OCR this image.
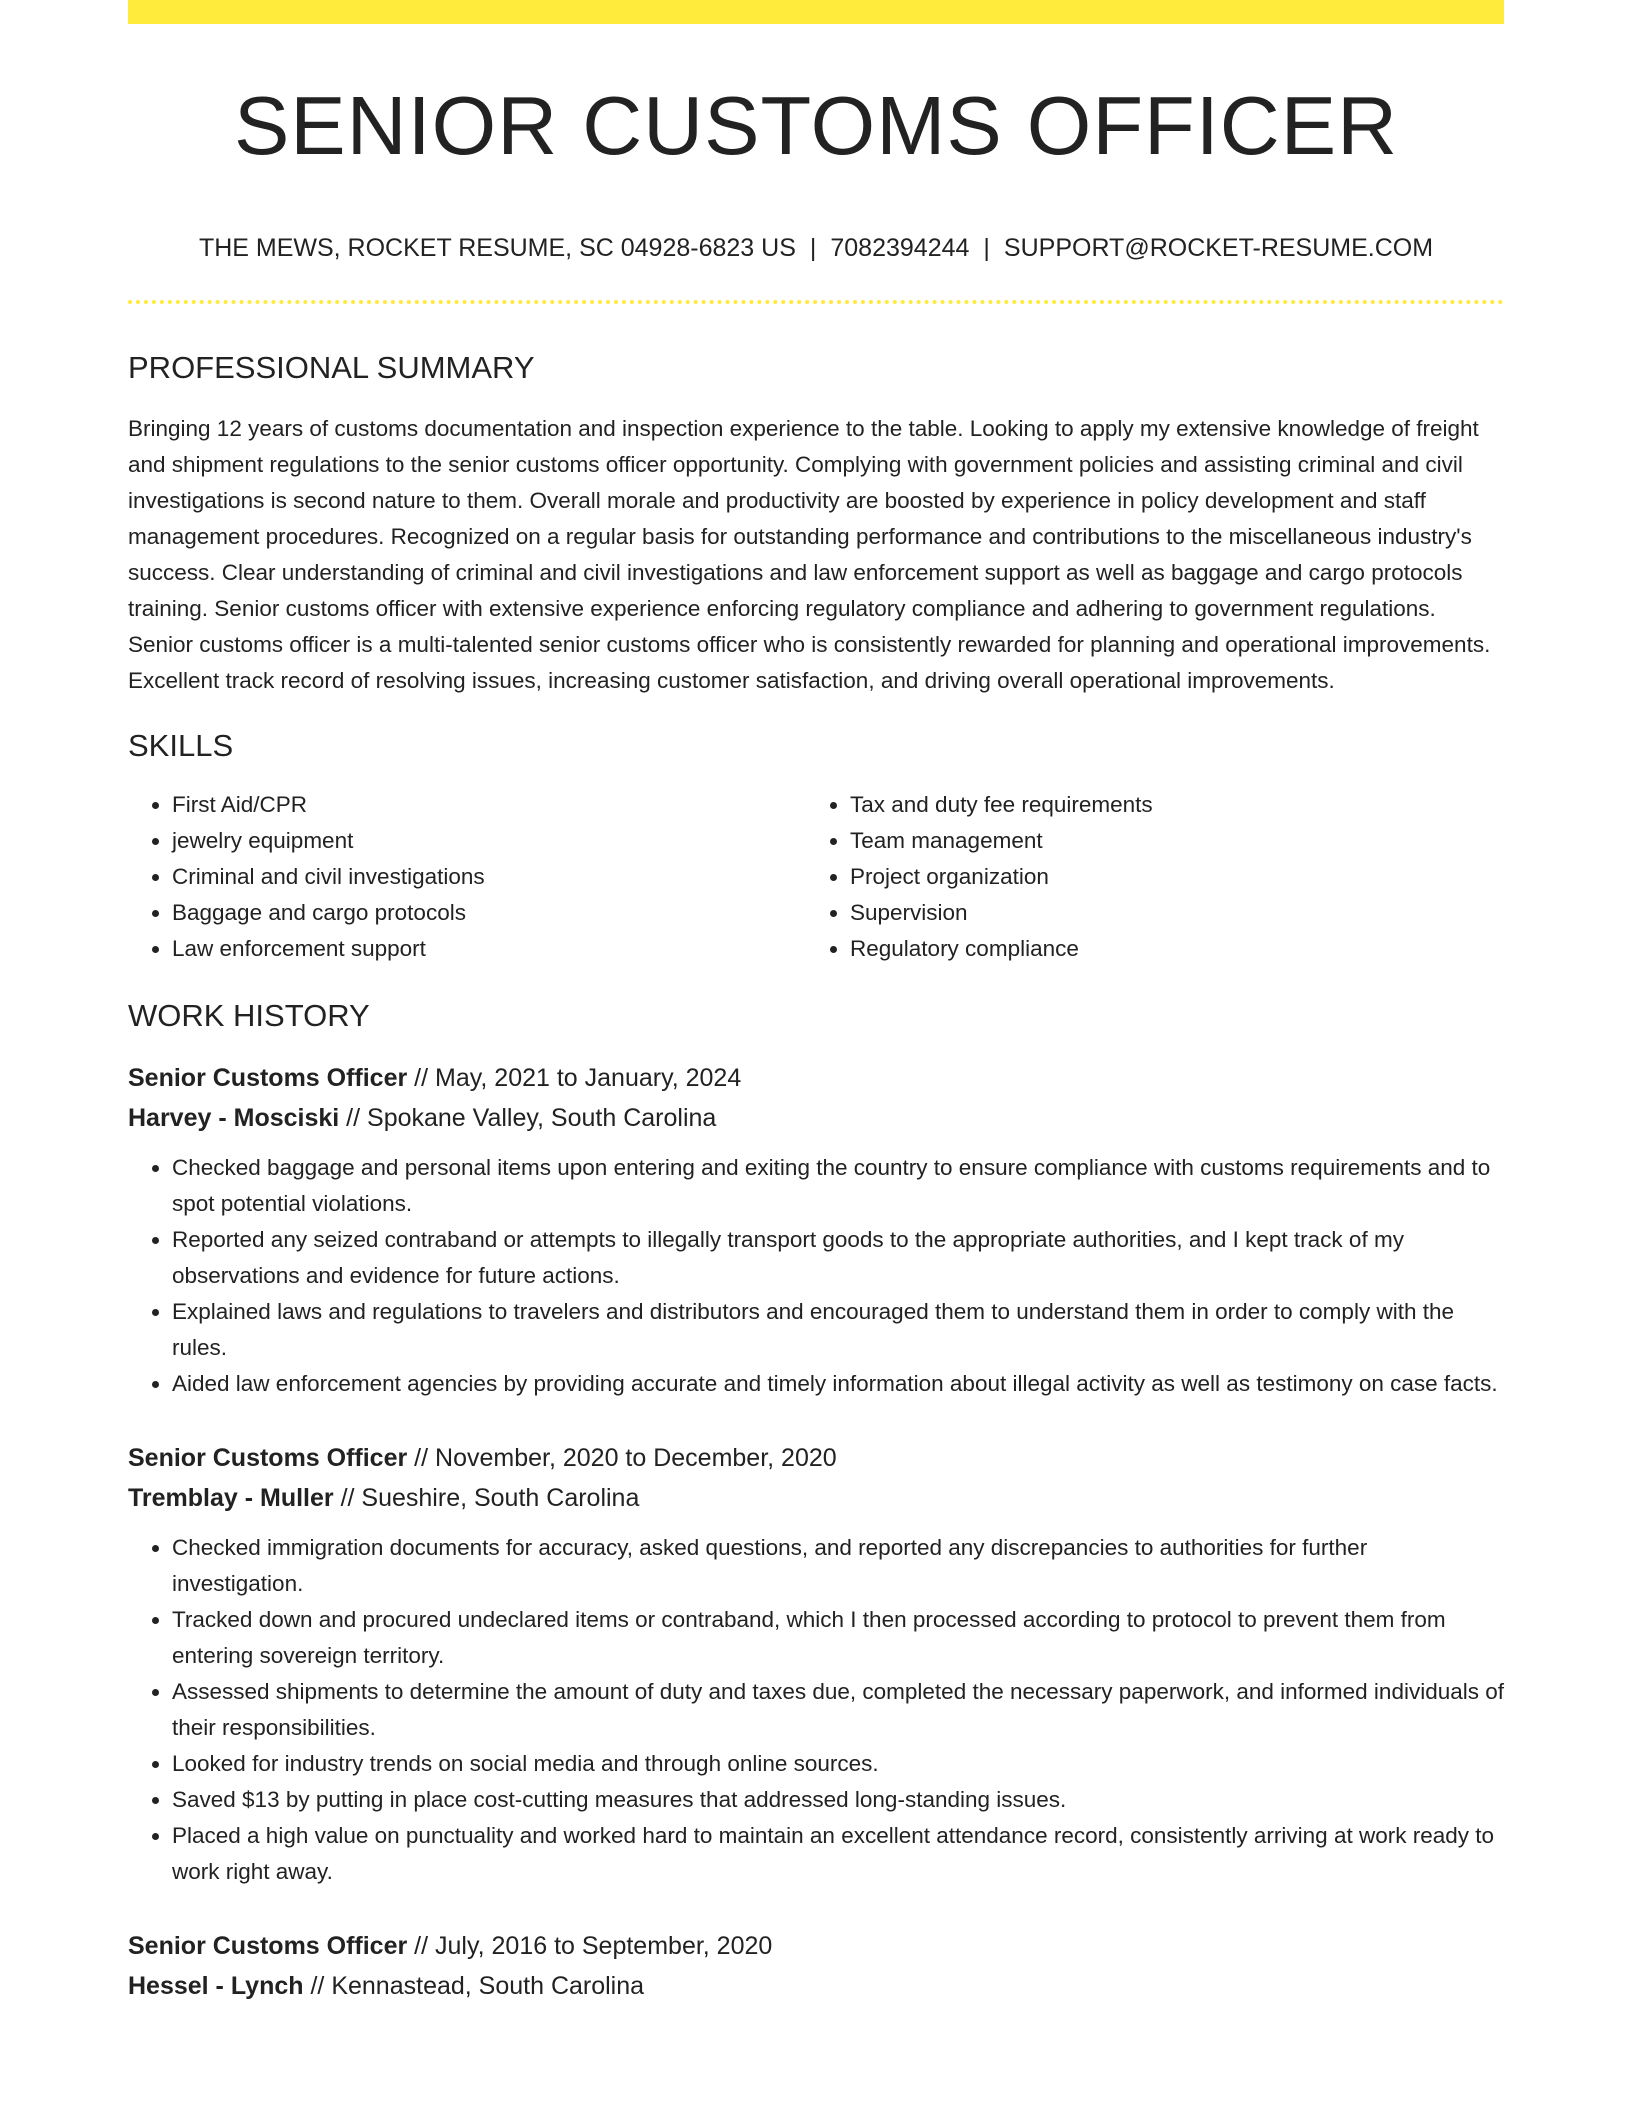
SENIOR CUSTOMS OFFICER
THE MEWS, ROCKET RESUME, SC 04928-6823 US | 7082394244 | SUPPORT@ROCKET-RESUME.COM
PROFESSIONAL SUMMARY

Bringing 12 years of customs documentation and inspection experience to the table. Looking to apply my extensive knowledge of freight and shipment regulations to the senior customs officer opportunity. Complying with government policies and assisting criminal and civil investigations is second nature to them. Overall morale and productivity are boosted by experience in policy development and staff management procedures. Recognized on a regular basis for outstanding performance and contributions to the miscellaneous industry's success. Clear understanding of criminal and civil investigations and law enforcement support as well as baggage and cargo protocols training. Senior customs officer with extensive experience enforcing regulatory compliance and adhering to government regulations. Senior customs officer is a multi-talented senior customs officer who is consistently rewarded for planning and operational improvements. Excellent track record of resolving issues, increasing customer satisfaction, and driving overall operational improvements.

SKILLS
• First Aid/CPR
• jewelry equipment
• Criminal and civil investigations
• Baggage and cargo protocols
• Law enforcement support
• Tax and duty fee requirements
• Team management
• Project organization
• Supervision
• Regulatory compliance
WORK HISTORY
Senior Customs Officer // May, 2021 to January, 2024
Harvey - Mosciski // Spokane Valley, South Carolina
• Checked baggage and personal items upon entering and exiting the country to ensure compliance with customs requirements and to spot potential violations.
• Reported any seized contraband or attempts to illegally transport goods to the appropriate authorities, and I kept track of my observations and evidence for future actions.
• Explained laws and regulations to travelers and distributors and encouraged them to understand them in order to comply with the rules.
• Aided law enforcement agencies by providing accurate and timely information about illegal activity as well as testimony on case facts.
Senior Customs Officer // November, 2020 to December, 2020
Tremblay - Muller // Sueshire, South Carolina
• Checked immigration documents for accuracy, asked questions, and reported any discrepancies to authorities for further investigation.
• Tracked down and procured undeclared items or contraband, which I then processed according to protocol to prevent them from entering sovereign territory.
• Assessed shipments to determine the amount of duty and taxes due, completed the necessary paperwork, and informed individuals of their responsibilities.
• Looked for industry trends on social media and through online sources.
• Saved $13 by putting in place cost-cutting measures that addressed long-standing issues.
• Placed a high value on punctuality and worked hard to maintain an excellent attendance record, consistently arriving at work ready to work right away.
Senior Customs Officer // July, 2016 to September, 2020
Hessel - Lynch // Kennastead, South Carolina
